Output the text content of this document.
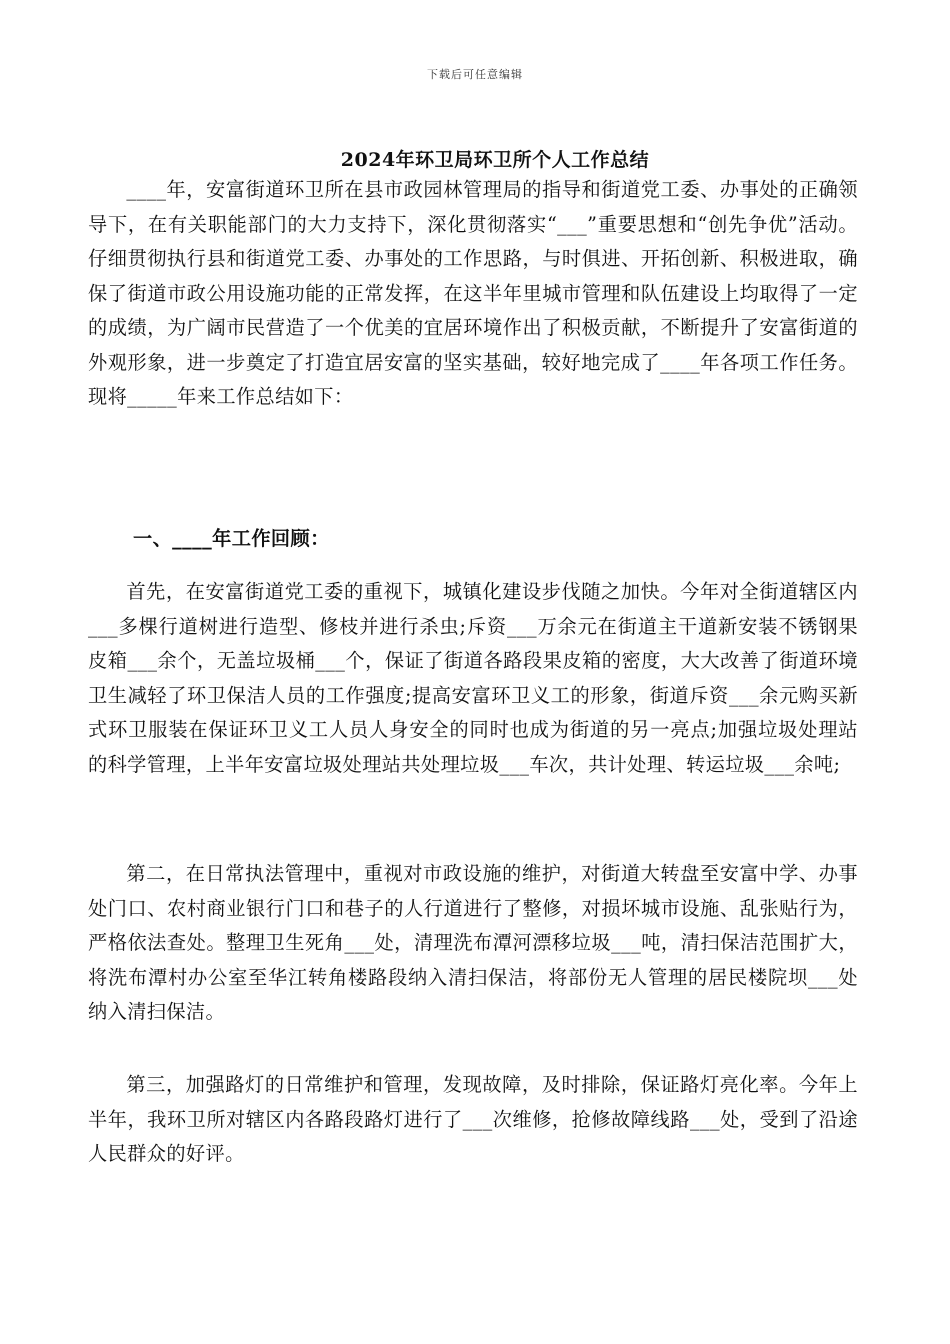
下载后可任意编辑
2024年环卫局环卫所个人工作总结

____年，安富街道环卫所在县市政园林管理局的指导和街道党工委、办事处的正确领导下，在有关职能部门的大力支持下，深化贯彻落实“___”重要思想和“创先争优”活动。仔细贯彻执行县和街道党工委、办事处的工作思路，与时俱进、开拓创新、积极进取，确保了街道市政公用设施功能的正常发挥，在这半年里城市管理和队伍建设上均取得了一定的成绩，为广阔市民营造了一个优美的宜居环境作出了积极贡献，不断提升了安富街道的外观形象，进一步奠定了打造宜居安富的坚实基础，较好地完成了____年各项工作任务。现将_____年来工作总结如下：

一、____年工作回顾：

首先，在安富街道党工委的重视下，城镇化建设步伐随之加快。今年对全街道辖区内___多棵行道树进行造型、修枝并进行杀虫;斥资___万余元在街道主干道新安装不锈钢果皮箱___余个，无盖垃圾桶___个，保证了街道各路段果皮箱的密度，大大改善了街道环境卫生减轻了环卫保洁人员的工作强度;提高安富环卫义工的形象，街道斥资___余元购买新式环卫服装在保证环卫义工人员人身安全的同时也成为街道的另一亮点;加强垃圾处理站的科学管理，上半年安富垃圾处理站共处理垃圾___车次，共计处理、转运垃圾___余吨;

第二，在日常执法管理中，重视对市政设施的维护，对街道大转盘至安富中学、办事处门口、农村商业银行门口和巷子的人行道进行了整修，对损坏城市设施、乱张贴行为，严格依法查处。整理卫生死角___处，清理洗布潭河漂移垃圾___吨，清扫保洁范围扩大，将洗布潭村办公室至华江转角楼路段纳入清扫保洁，将部份无人管理的居民楼院坝___处纳入清扫保洁。

第三，加强路灯的日常维护和管理，发现故障，及时排除，保证路灯亮化率。今年上半年，我环卫所对辖区内各路段路灯进行了___次维修，抢修故障线路___处，受到了沿途人民群众的好评。
